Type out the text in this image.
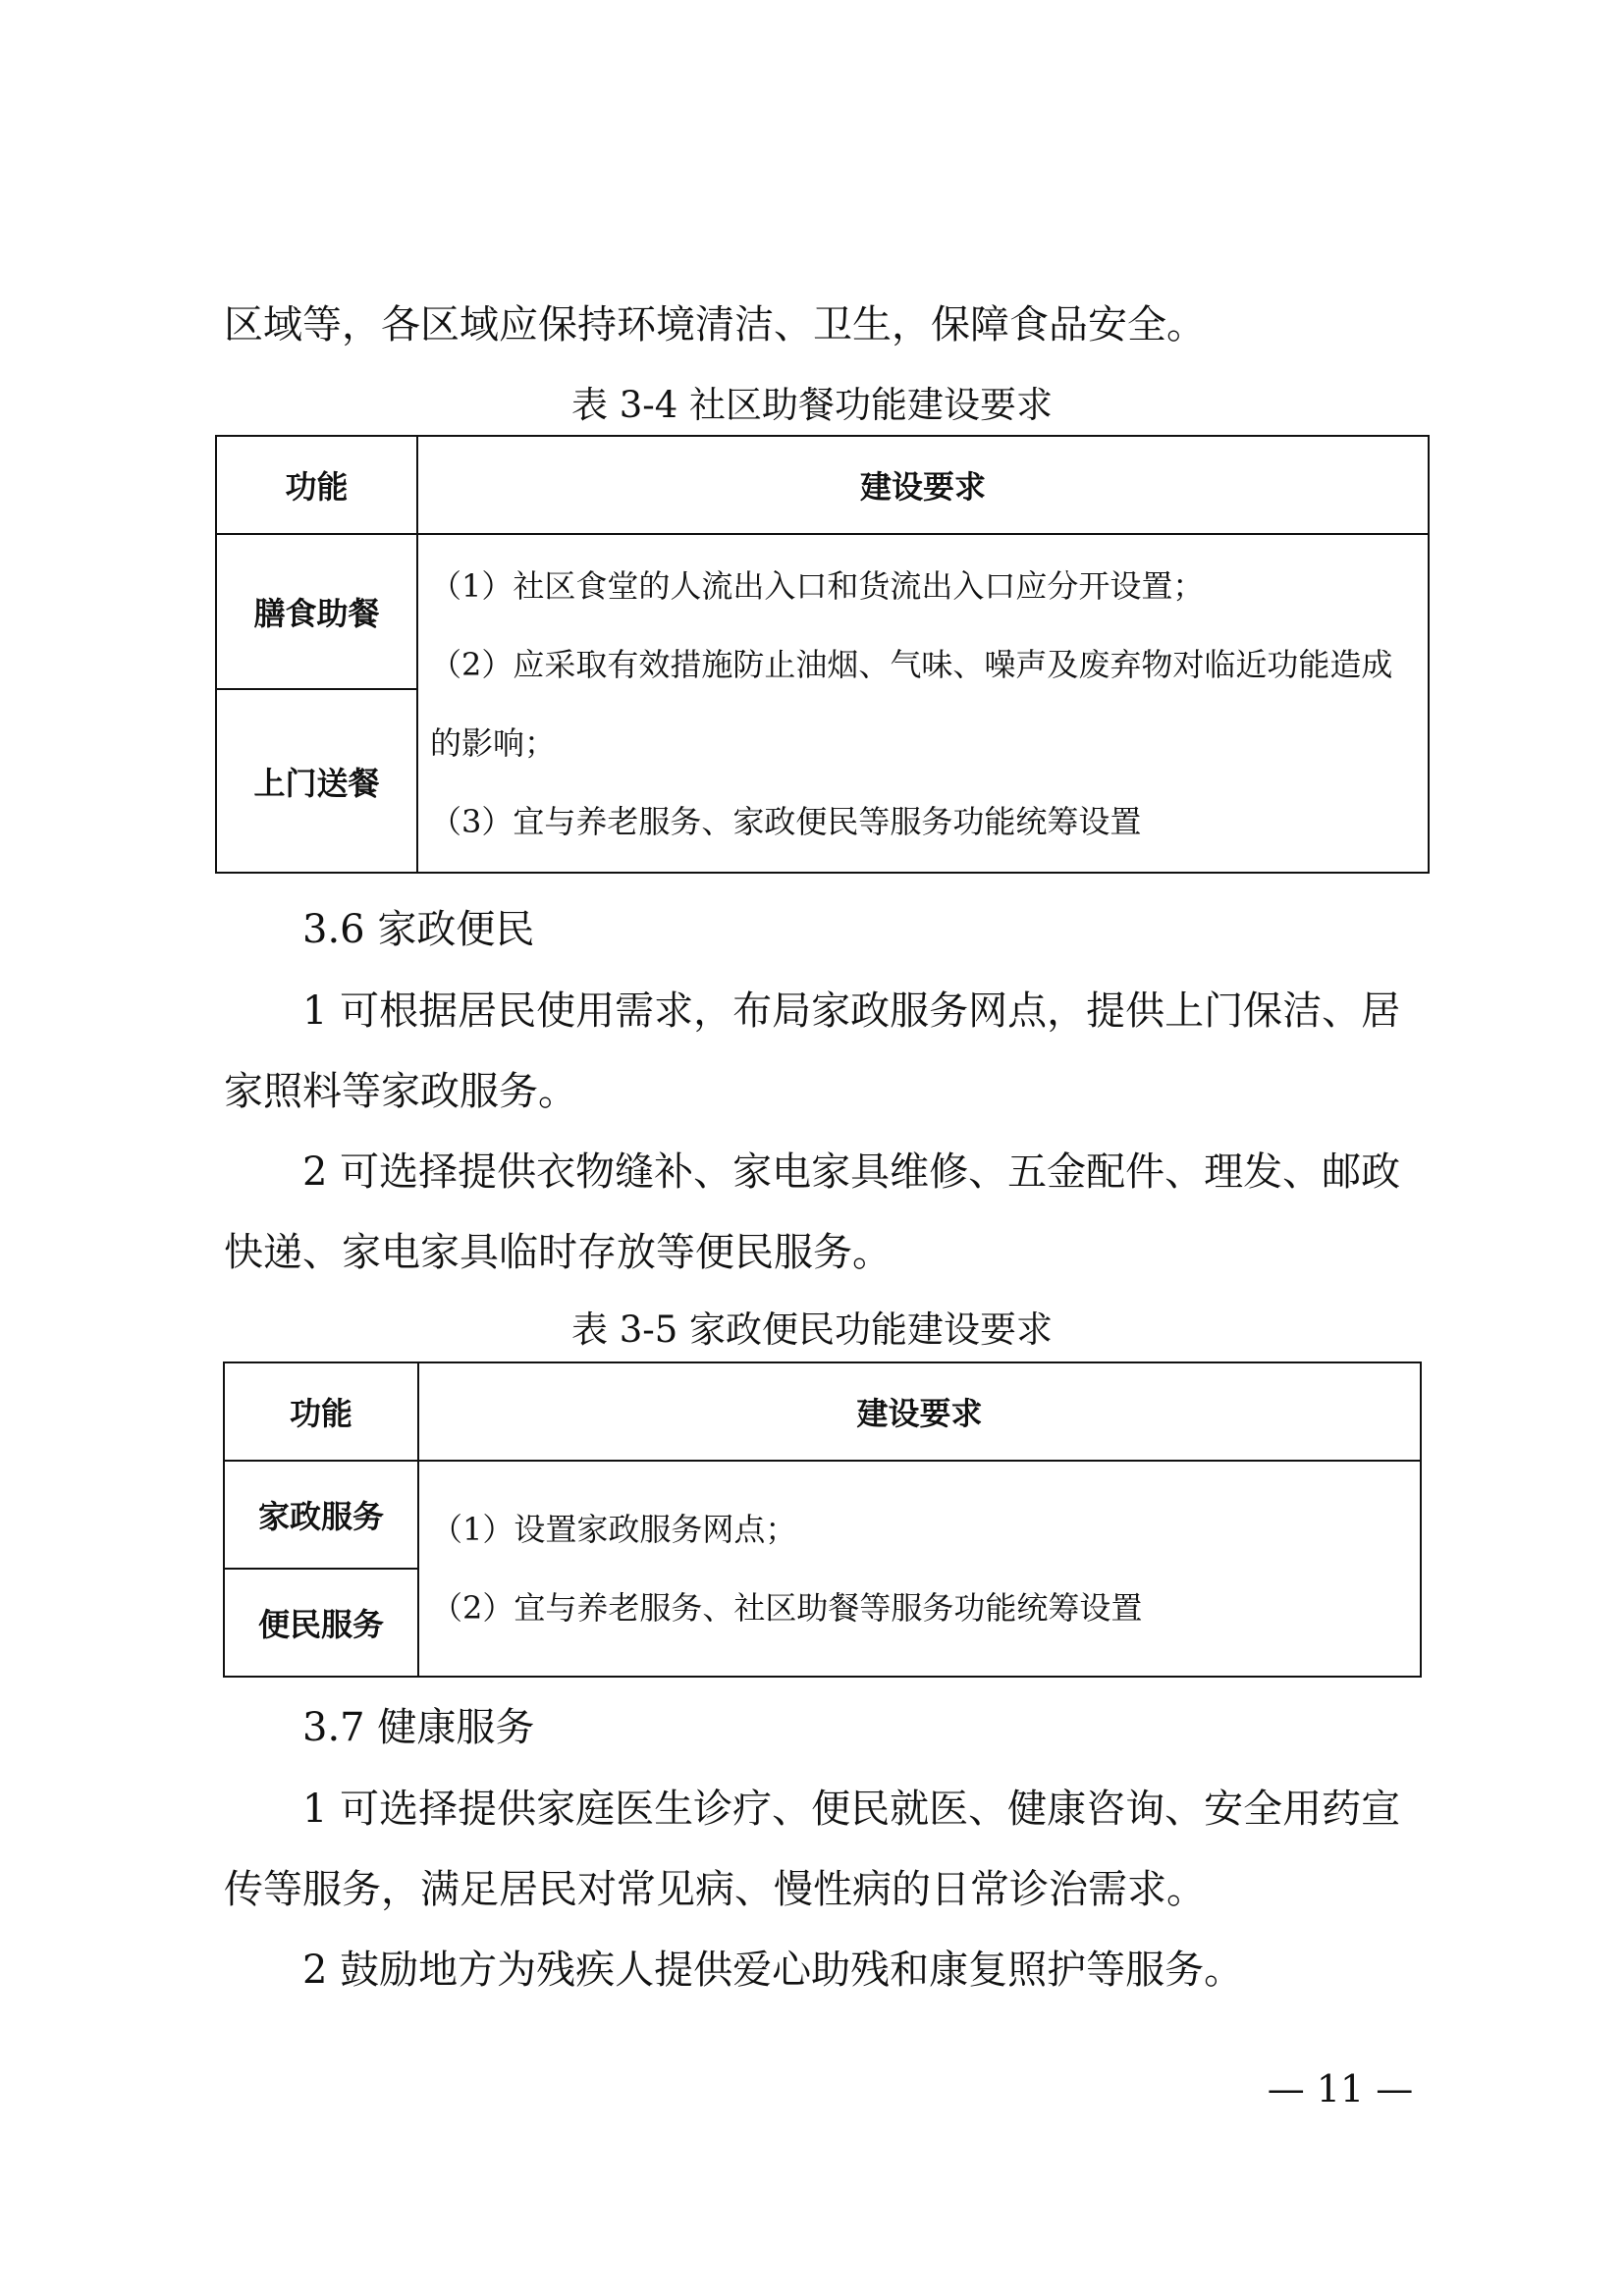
区域等，各区域应保持环境清洁、卫生，保障食品安全。

表 3-4 社区助餐功能建设要求

功能	建设要求
膳食助餐	（1）社区食堂的人流出入口和货流出入口应分开设置；

（2）应采取有效措施防止油烟、气味、噪声及废弃物对临近功能造成的影响；

（3）宜与养老服务、家政便民等服务功能统筹设置

上门送餐	

3.6 家政便民

1 可根据居民使用需求，布局家政服务网点，提供上门保洁、居家照料等家政服务。

2 可选择提供衣物缝补、家电家具维修、五金配件、理发、邮政快递、家电家具临时存放等便民服务。

表 3-5 家政便民功能建设要求

功能	建设要求
家政服务	（1）设置家政服务网点；

（2）宜与养老服务、社区助餐等服务功能统筹设置

便民服务	

3.7 健康服务

1 可选择提供家庭医生诊疗、便民就医、健康咨询、安全用药宣传等服务，满足居民对常见病、慢性病的日常诊治需求。

2 鼓励地方为残疾人提供爱心助残和康复照护等服务。

— 11 —
